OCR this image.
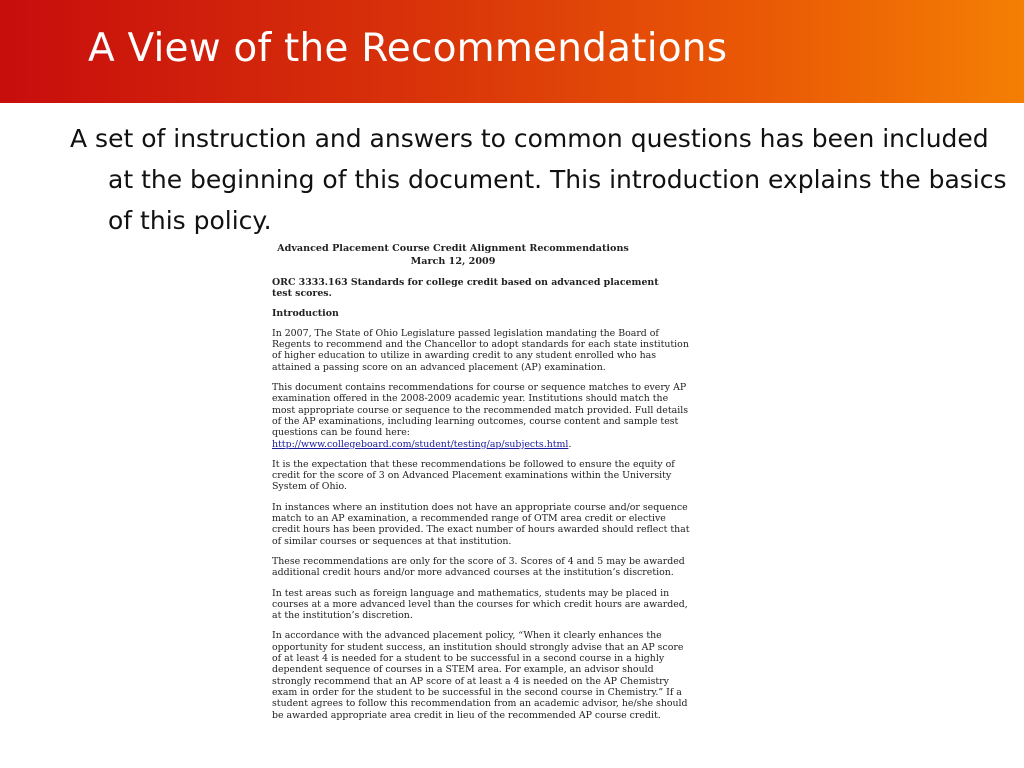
A View of the Recommendations

A set of instruction and answers to common questions has been included at the beginning of this document. This introduction explains the basics of this policy.

Advanced Placement Course Credit Alignment Recommendations
March 12, 2009
ORC 3333.163 Standards for college credit based on advanced placement test scores.
Introduction

In 2007, The State of Ohio Legislature passed legislation mandating the Board of Regents to recommend and the Chancellor to adopt standards for each state institution of higher education to utilize in awarding credit to any student enrolled who has attained a passing score on an advanced placement (AP) examination.

This document contains recommendations for course or sequence matches to every AP examination offered in the 2008-2009 academic year. Institutions should match the most appropriate course or sequence to the recommended match provided. Full details of the AP examinations, including learning outcomes, course content and sample test questions can be found here:
http://www.collegeboard.com/student/testing/ap/subjects.html.

It is the expectation that these recommendations be followed to ensure the equity of credit for the score of 3 on Advanced Placement examinations within the University System of Ohio.

In instances where an institution does not have an appropriate course and/or sequence match to an AP examination, a recommended range of OTM area credit or elective credit hours has been provided. The exact number of hours awarded should reflect that of similar courses or sequences at that institution.

These recommendations are only for the score of 3. Scores of 4 and 5 may be awarded additional credit hours and/or more advanced courses at the institution’s discretion.

In test areas such as foreign language and mathematics, students may be placed in courses at a more advanced level than the courses for which credit hours are awarded, at the institution’s discretion.

In accordance with the advanced placement policy, “When it clearly enhances the opportunity for student success, an institution should strongly advise that an AP score of at least 4 is needed for a student to be successful in a second course in a highly dependent sequence of courses in a STEM area. For example, an advisor should strongly recommend that an AP score of at least a 4 is needed on the AP Chemistry exam in order for the student to be successful in the second course in Chemistry.” If a student agrees to follow this recommendation from an academic advisor, he/she should be awarded appropriate area credit in lieu of the recommended AP course credit.
